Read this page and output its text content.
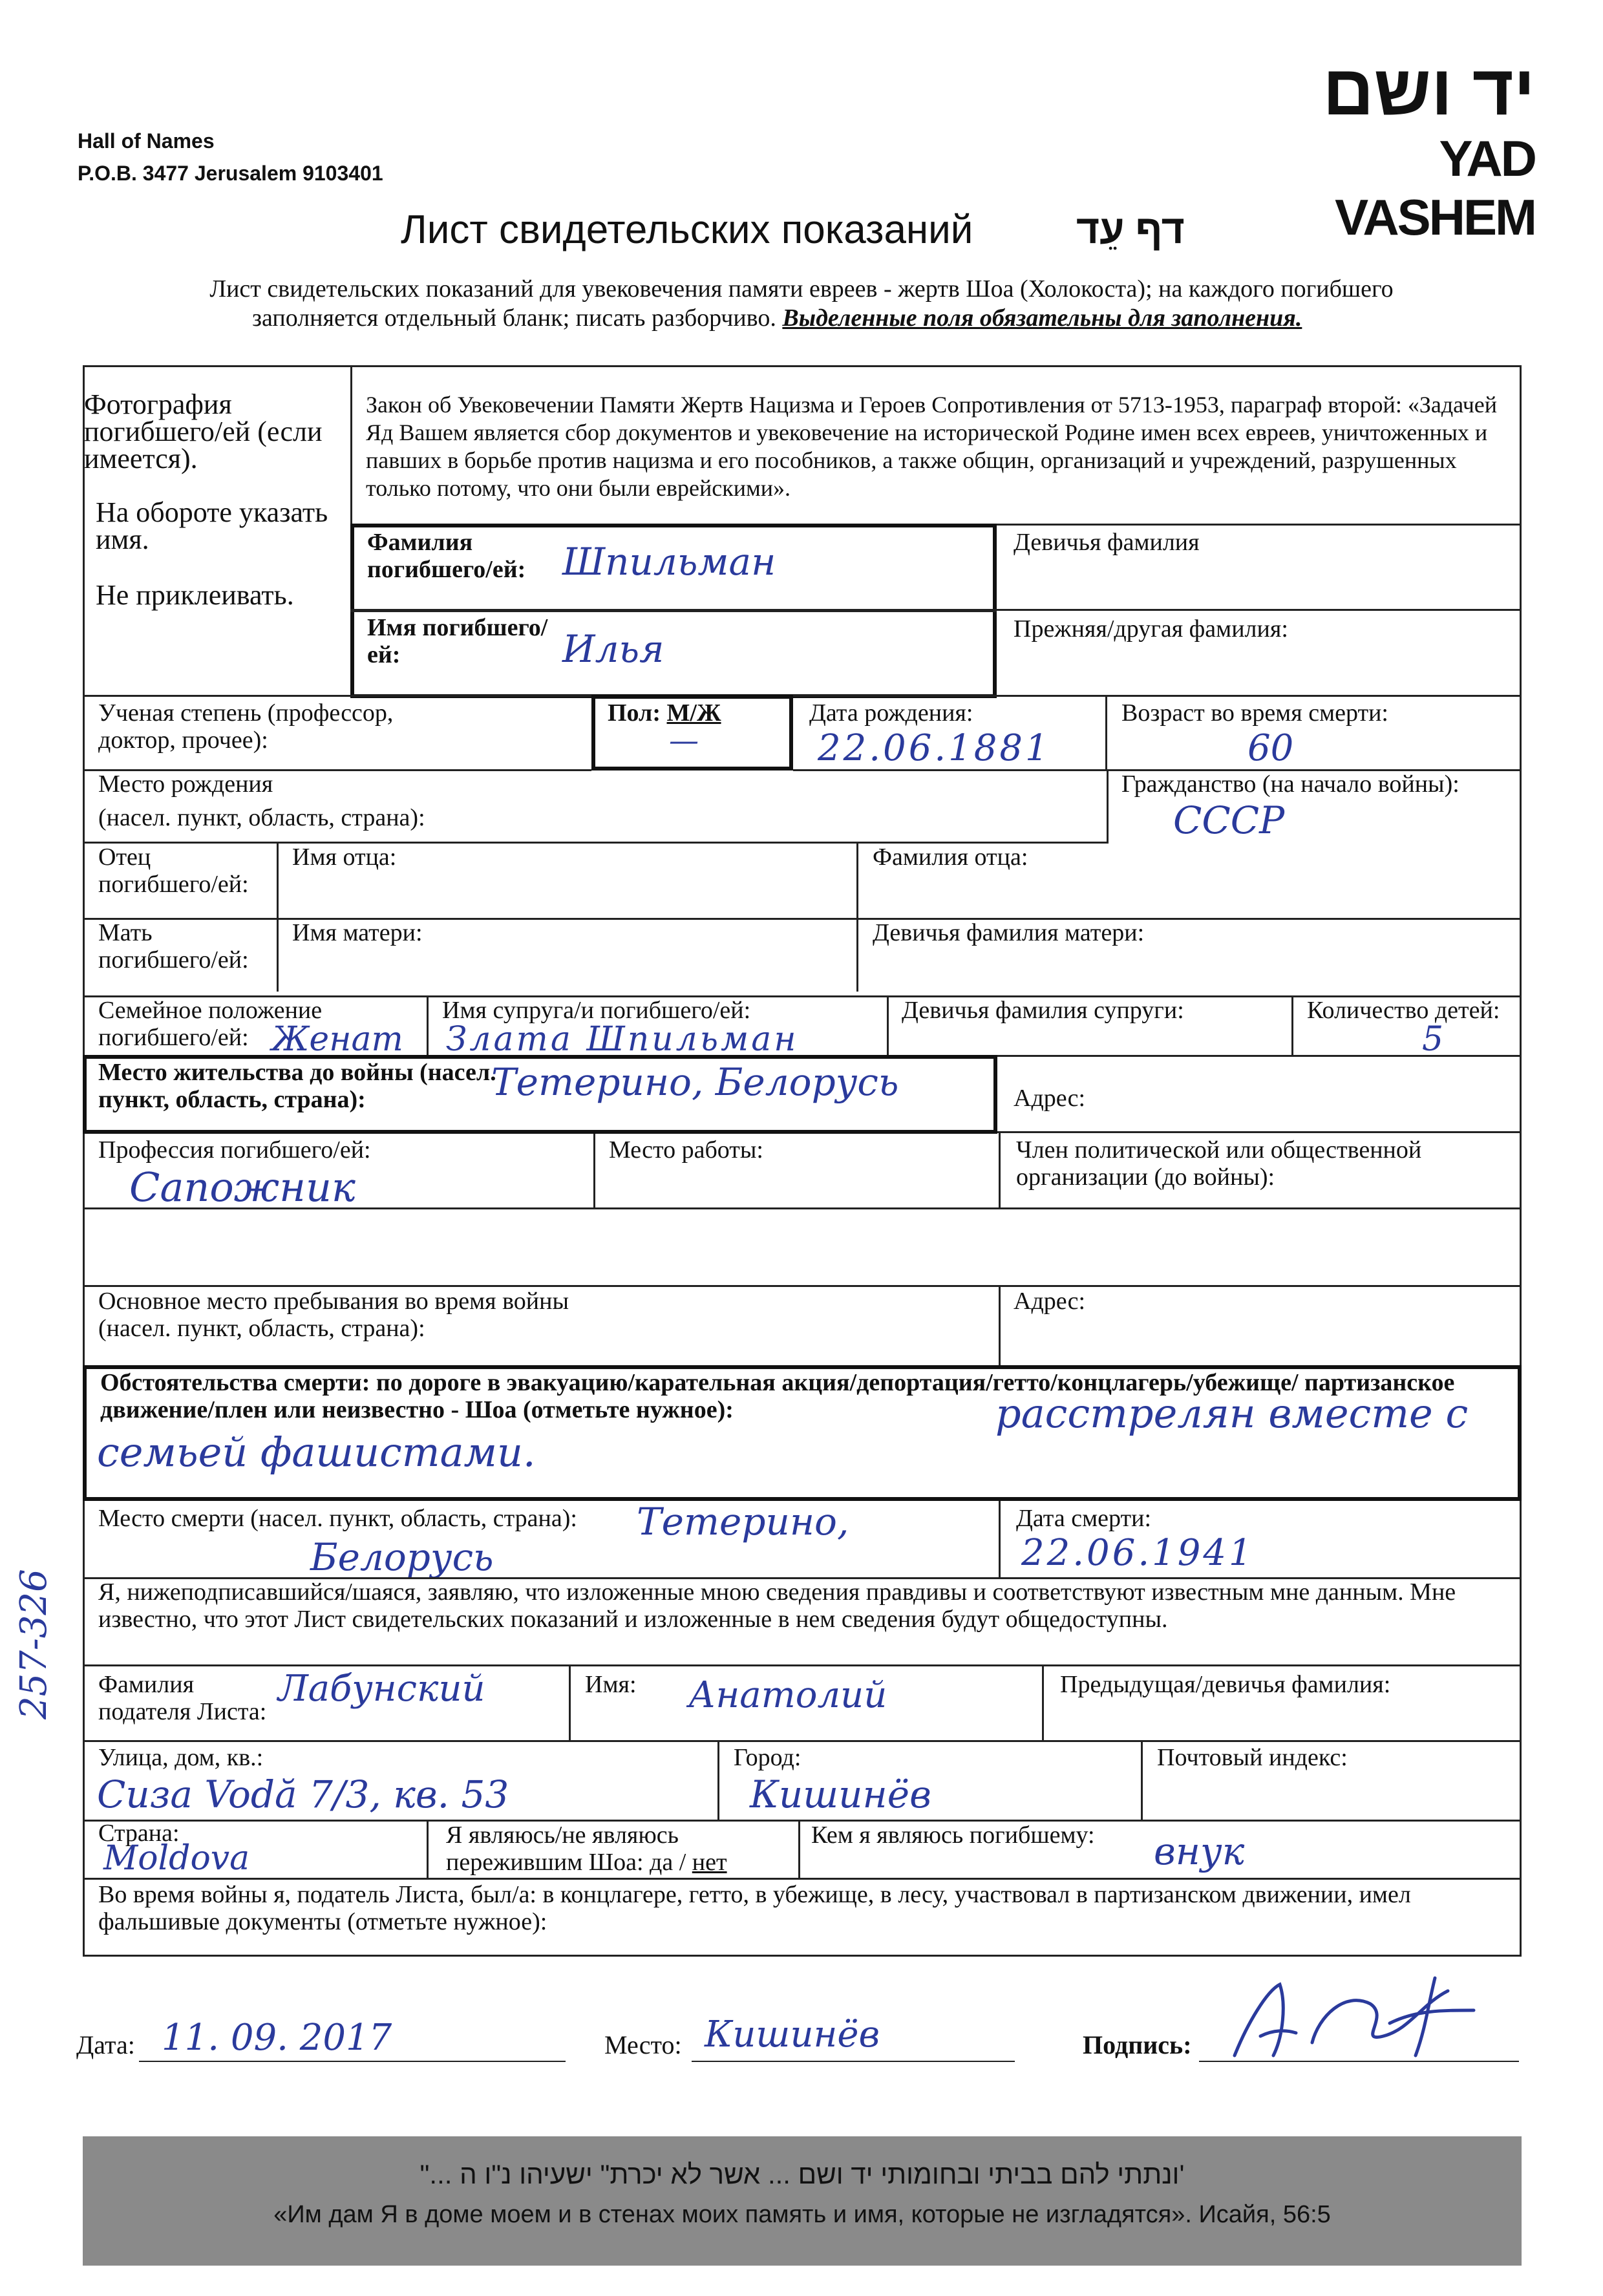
Hall of Names
P.O.B. 3477 Jerusalem 9103401
יד ושם
YAD VASHEM
Лист свидетельских показаний	דף עֵד
Лист свидетельских показаний для увековечения памяти евреев - жертв Шоа (Холокоста); на каждого погибшего
заполняется отдельный бланк; писать разборчиво. Выделенные поля обязательны для заполнения.
Фотография погибшего/ей (если имеется).
На обороте указать имя.
Не приклеивать.
Закон об Увековечении Памяти Жертв Нацизма и Героев Сопротивления от 5713-1953, параграф второй: «Задачей Яд Вашем является сбор документов и увековечение на исторической Родине имен всех евреев, уничтоженных и павших в борьбе против нацизма и его пособников, а также общин, организаций и учреждений, разрушенных только потому, что они были еврейскими».
Фамилия погибшего/ей: Шпильман
Имя погибшего/ей:	Илья
Девичья фамилия
Прежняя/другая фамилия:
Ученая степень (профессор, доктор, прочее):
Пол: М/Ж
—
Дата рождения:
22.06.1881
Возраст во время смерти:
60
Место рождения
(насел. пункт, область, страна):
Гражданство (на начало войны):
СССР
Отец погибшего/ей:
Имя отца:	Фамилия отца:
Мать погибшего/ей:
Имя матери:	Девичья фамилия матери:
Семейное положение погибшего/ей: Женат
Имя супруга/и погибшего/ей:
Злата Шпильман
Девичья фамилия супруги:	Количество детей:
5
Место жительства до войны (насел. пункт, область, страна):	Тетерино, Белорусь	Адрес:
Профессия погибшего/ей:
Сапожник
Место работы:	Член политической или общественной организации (до войны):
Основное место пребывания во время войны (насел. пункт, область, страна):
Адрес:
Обстоятельства смерти: по дороге в эвакуацию/карательная акция/депортация/гетто/концлагерь/убежище/ партизанское движение/плен или неизвестно - Шоа (отметьте нужное):	расстрелян вместе с
семьей фашистами.
Место смерти (насел. пункт, область, страна): Тетерино,
Белорусь
Дата смерти:
22.06.1941
Я, нижеподписавшийся/шаяся, заявляю, что изложенные мною сведения правдивы и соответствуют известным мне данным. Мне известно, что этот Лист свидетельских показаний и изложенные в нем сведения будут общедоступны.
Фамилия подателя Листа:
Лабунский	Имя: Анатолий	Предыдущая/девичья фамилия:
Улица, дом, кв.:
Сиза Vodă 7/3, кв. 53
Город:
Кишинёв
Почтовый индекс:
Страна:
Moldova
Я являюсь/не являюсь пережившим Шоа: да / нет
Кем я являюсь погибшему: внук
Во время войны я, податель Листа, был/а: в концлагере, гетто, в убежище, в лесу, участвовал в партизанском движении, имел фальшивые документы (отметьте нужное):
257-326
Дата: 11. 09. 2017	Место: Кишинёв	Подпись:
"... ונתתי להם בביתי ובחומותי יד ושם ... אשר לא יכרת" ישעיהו נ"ו ה'
«Им дам Я в доме моем и в стенах моих память и имя, которые не изгладятся». Исайя, 56:5
